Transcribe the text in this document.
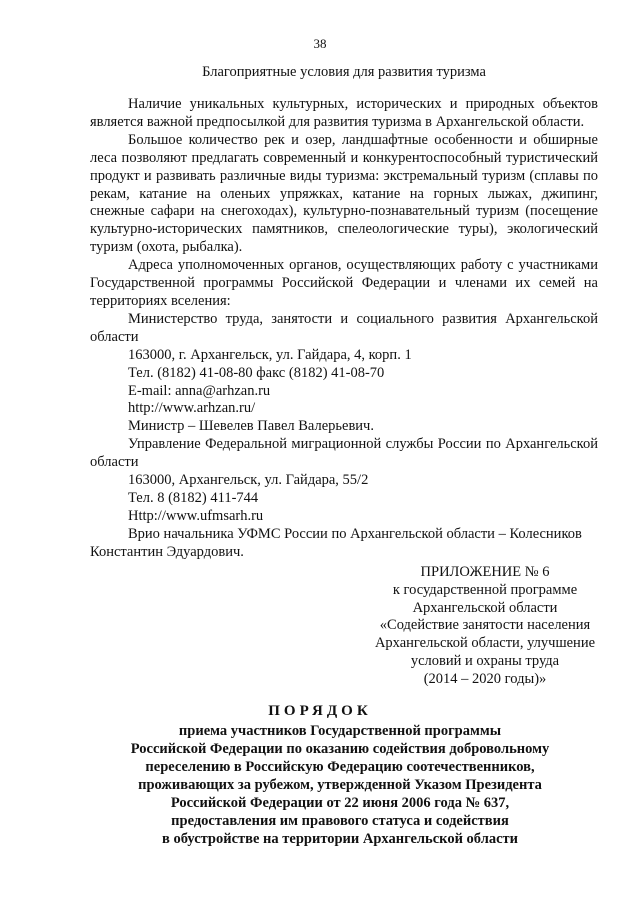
38
Благоприятные условия для развития туризма

Наличие уникальных культурных, исторических и природных объектов является важной предпосылкой для развития туризма в Архангельской области.

Большое количество рек и озер, ландшафтные особенности и обширные леса позволяют предлагать современный и конкурентоспособный туристический продукт и развивать различные виды туризма: экстремальный туризм (сплавы по рекам, катание на оленьих упряжках, катание на горных лыжах, джипинг, снежные сафари на снегоходах), культурно-познавательный туризм (посещение культурно-исторических памятников, спелеологические туры), экологический туризм (охота, рыбалка).

Адреса уполномоченных органов, осуществляющих работу с участниками Государственной программы Российской Федерации и членами их семей на территориях вселения:

Министерство труда, занятости и социального развития Архангельской области

163000, г. Архангельск, ул. Гайдара, 4, корп. 1

Тел. (8182) 41-08-80 факс (8182) 41-08-70

E-mail: anna@arhzan.ru

http://www.arhzan.ru/

Министр – Шевелев Павел Валерьевич.

Управление Федеральной миграционной службы России по Архангельской области

163000, Архангельск, ул. Гайдара, 55/2

Тел. 8 (8182) 411-744

Http://www.ufmsarh.ru

Врио начальника УФМС России по Архангельской области – Колесников Константин Эдуардович.

ПРИЛОЖЕНИЕ № 6
к государственной программе
Архангельской области
«Содействие занятости населения
Архангельской области, улучшение
условий и охраны труда
(2014 – 2020 годы)»
ПОРЯДОК
приема участников Государственной программы
Российской Федерации по оказанию содействия добровольному
переселению в Российскую Федерацию соотечественников,
проживающих за рубежом, утвержденной Указом Президента
Российской Федерации от 22 июня 2006 года № 637,
предоставления им правового статуса и содействия
в обустройстве на территории Архангельской области
